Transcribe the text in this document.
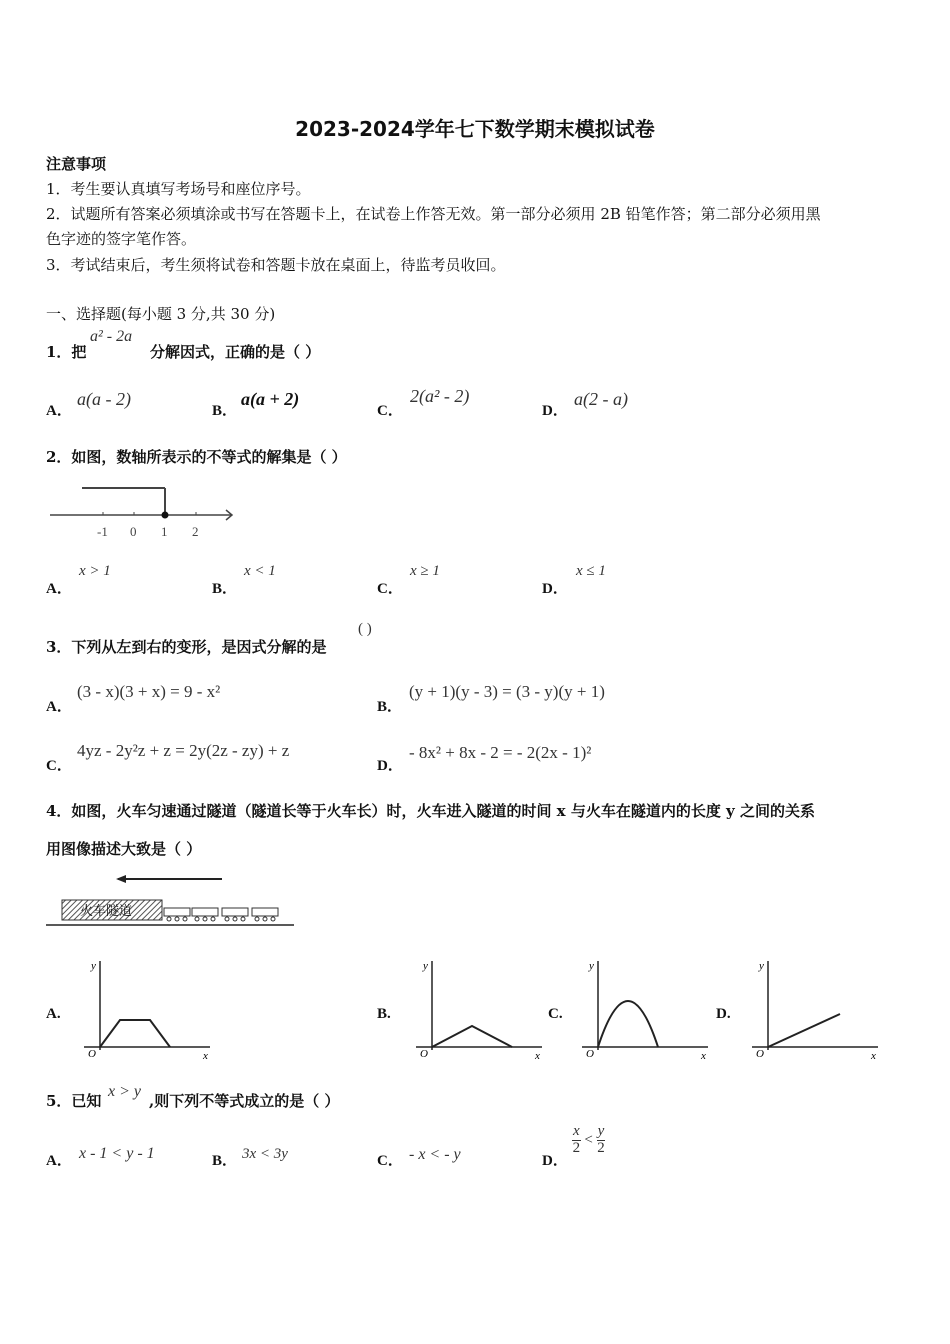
2023-2024学年七下数学期末模拟试卷
注意事项
1．考生要认真填写考场号和座位序号。
2．试题所有答案必须填涂或书写在答题卡上，在试卷上作答无效。第一部分必须用 2B 铅笔作答；第二部分必须用黑
色字迹的签字笔作答。
3．考试结束后，考生须将试卷和答题卡放在桌面上，待监考员收回。
一、选择题(每小题 3 分,共 30 分)
1．把
a² - 2a
分解因式，正确的是（ ）
A．
a(a - 2)
B．
a(a + 2)
C．
2(a² - 2)
D．
a(2 - a)
2．如图，数轴所表示的不等式的解集是（ ）
-1 0 1 2
A．
x > 1
B．
x < 1
C．
x ≥ 1
D．
x ≤ 1
3．下列从左到右的变形，是因式分解的是
( )
A．
(3 - x)(3 + x) = 9 - x²
B．
(y + 1)(y - 3) = (3 - y)(y + 1)
C．
4yz - 2y²z + z = 2y(2z - zy) + z
D．
- 8x² + 8x - 2 = - 2(2x - 1)²
4．如图，火车匀速通过隧道（隧道长等于火车长）时，火车进入隧道的时间 x 与火车在隧道内的长度 y 之间的关系
用图像描述大致是（ ）
火车隧道
A.
y
x
O
B.
y
x
O
C.
y
x
O
D.
y
x
O
5．已知
x > y
,则下列不等式成立的是（ ）
A． x - 1 < y - 1	B． 3x < 3y	C． - x < - y	D．
$\frac{x}{2} < \frac{y}{2}$
